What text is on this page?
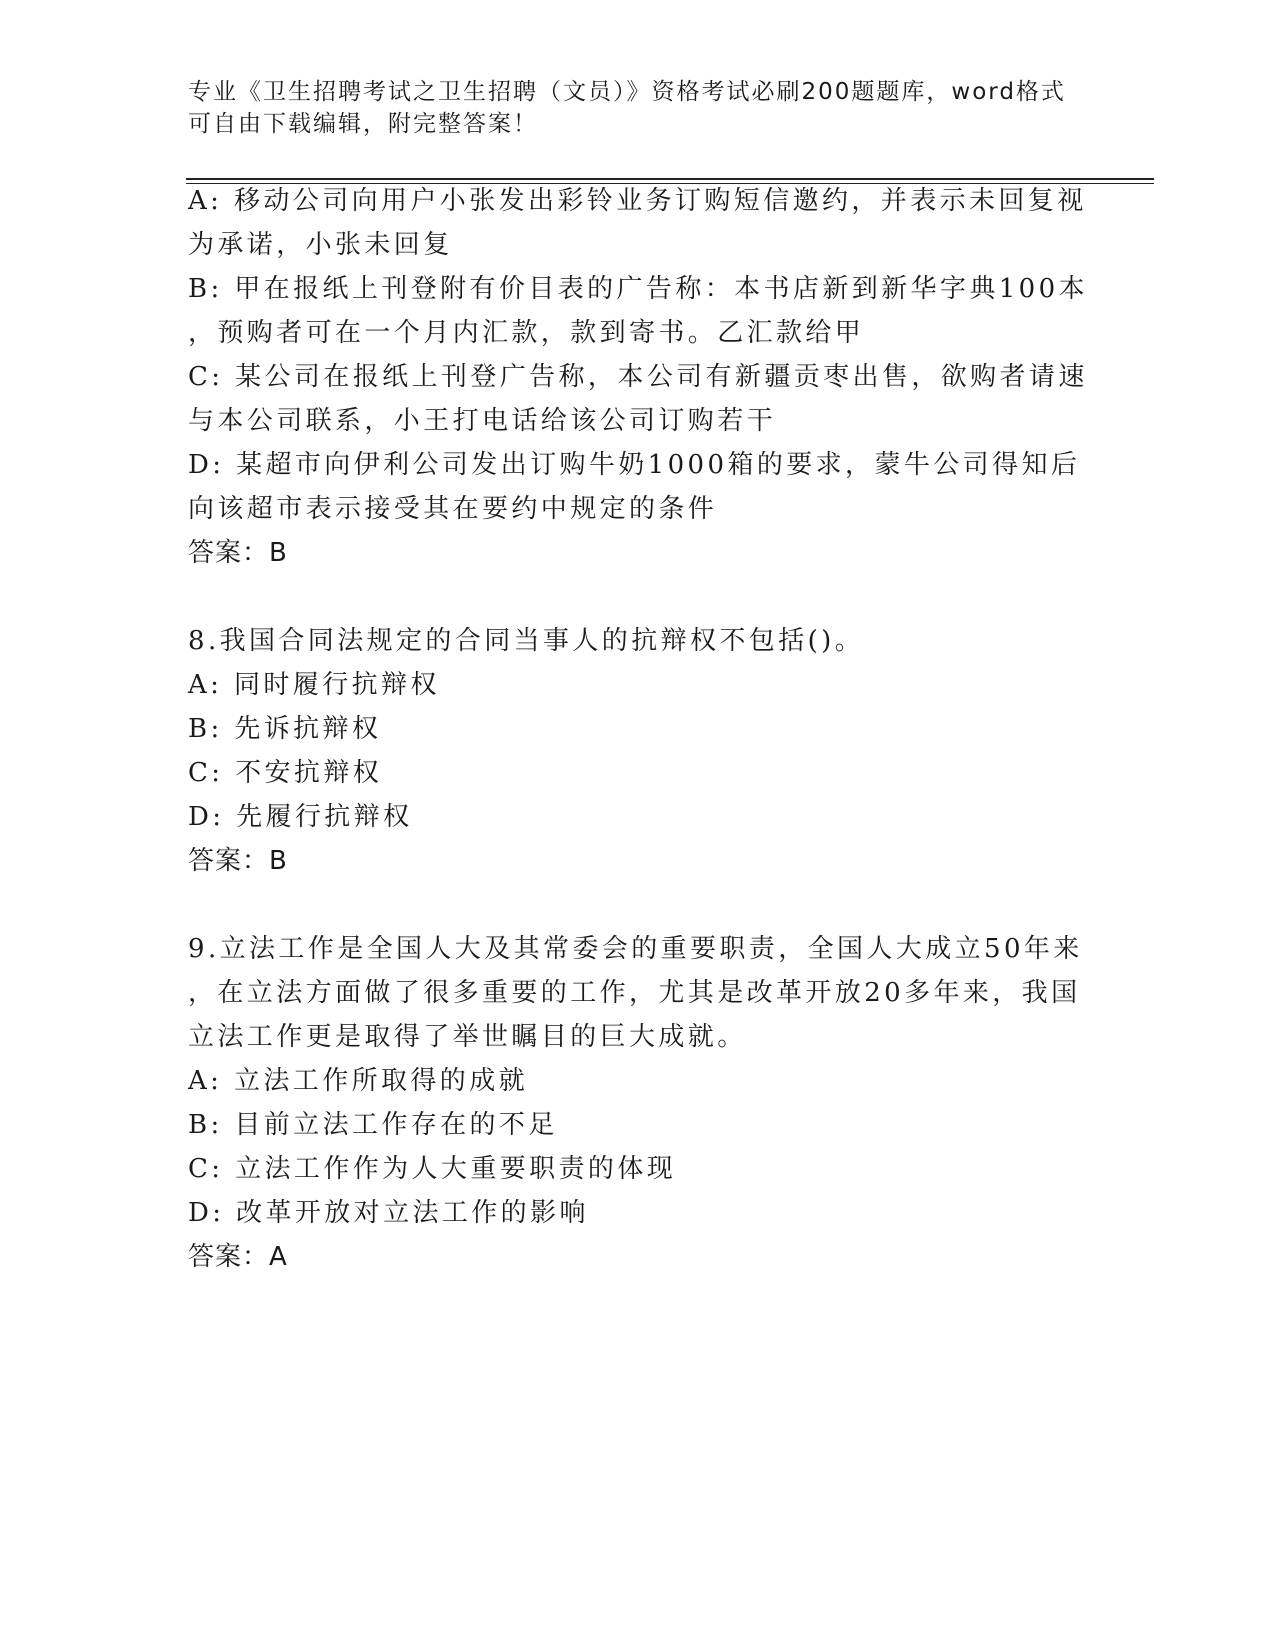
专业《卫生招聘考试之卫生招聘（文员）》资格考试必刷200题题库，word格式
可自由下载编辑，附完整答案！
A: 移动公司向用户小张发出彩铃业务订购短信邀约，并表示未回复视
为承诺，小张未回复
B: 甲在报纸上刊登附有价目表的广告称：本书店新到新华字典100本
，预购者可在一个月内汇款，款到寄书。乙汇款给甲
C: 某公司在报纸上刊登广告称，本公司有新疆贡枣出售，欲购者请速
与本公司联系，小王打电话给该公司订购若干
D: 某超市向伊利公司发出订购牛奶1000箱的要求，蒙牛公司得知后
向该超市表示接受其在要约中规定的条件
答案：B
8.我国合同法规定的合同当事人的抗辩权不包括()。
A: 同时履行抗辩权
B: 先诉抗辩权
C: 不安抗辩权
D: 先履行抗辩权
答案：B
9.立法工作是全国人大及其常委会的重要职责，全国人大成立50年来
，在立法方面做了很多重要的工作，尤其是改革开放20多年来，我国
立法工作更是取得了举世瞩目的巨大成就。
A: 立法工作所取得的成就
B: 目前立法工作存在的不足
C: 立法工作作为人大重要职责的体现
D: 改革开放对立法工作的影响
答案：A
